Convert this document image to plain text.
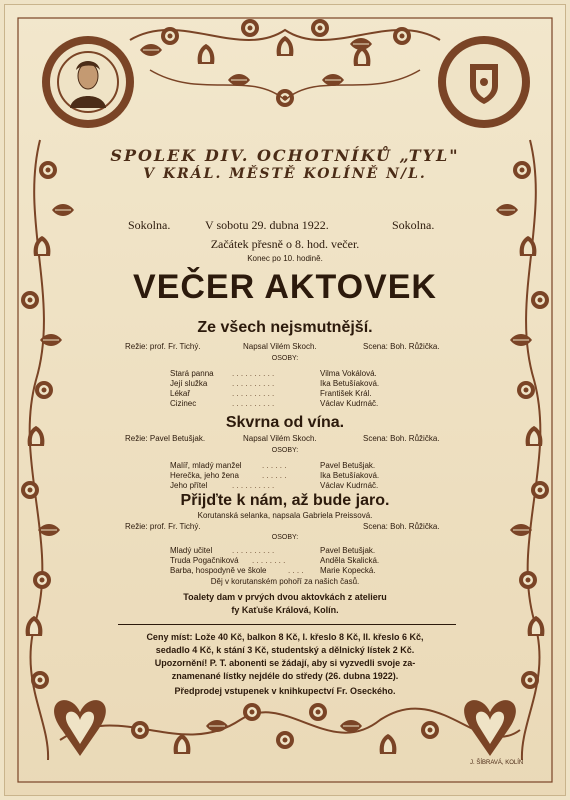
SPOLEK DIV. OCHOTNÍKŮ „TYL"
V KRÁL. MĚSTĚ KOLÍNĚ N/L.
Sokolna.	V sobotu 29. dubna 1922.	Sokolna.
Začátek přesně o 8. hod. večer.
Konec po 10. hodině.
VEČER AKTOVEK
Ze všech nejsmutnější.
Režie: prof. Fr. Tichý.	Napsal Vilém Skoch.	Scena: Boh. Růžička.
OSOBY:
Stará panna . . . . . . . . . .	Vilma Vokálová.
Její služka	. . . . . . . . . .	Ika Betušíaková.
Lékař	. . . . . . . . . .	František Král.
Cizinec	. . . . . . . . . .	Václav Kudrnáč.
Skvrna od vína.
Režie: Pavel Betušjak.	Napsal Vilém Skoch.	Scena: Boh. Růžička.
OSOBY:
Malíř, mladý manžel	. . . . . .	Pavel Betušjak.
Herečka, jeho žena	. . . . . .	Ika Betušíaková.
Jeho přítel	. . . . . . . . . .	Václav Kudrnáč.
Přijďte k nám, až bude jaro.
Korutanská selanka, napsala Gabriela Preissová.
Režie: prof. Fr. Tichý.	Scena: Boh. Růžička.
OSOBY:
Mladý učitel . . . . . . . . . .	Pavel Betušjak.
Truda Pogačniková . . . . . . . .	Anděla Skalická.
Barba, hospodyně ve škole	. . . . Marie Kopecká.
Děj v korutanském pohoří za našich časů.
Toalety dam v prvých dvou aktovkách z atelieru
fy Kaťuše Králová, Kolín.
Ceny míst: Lože 40 Kč, balkon 8 Kč, I. křeslo 8 Kč, II. křeslo 6 Kč,
sedadlo 4 Kč, k stání 3 Kč, studentský a dělnický lístek 2 Kč.
Upozornění! P. T. abonenti se žádají, aby si vyzvedli svoje za-
znamenané lístky nejdéle do středy (26. dubna 1922).
Předprodej vstupenek v knihkupectví Fr. Oseckého.
J. ŠÍBRAVÁ, KOLÍN
